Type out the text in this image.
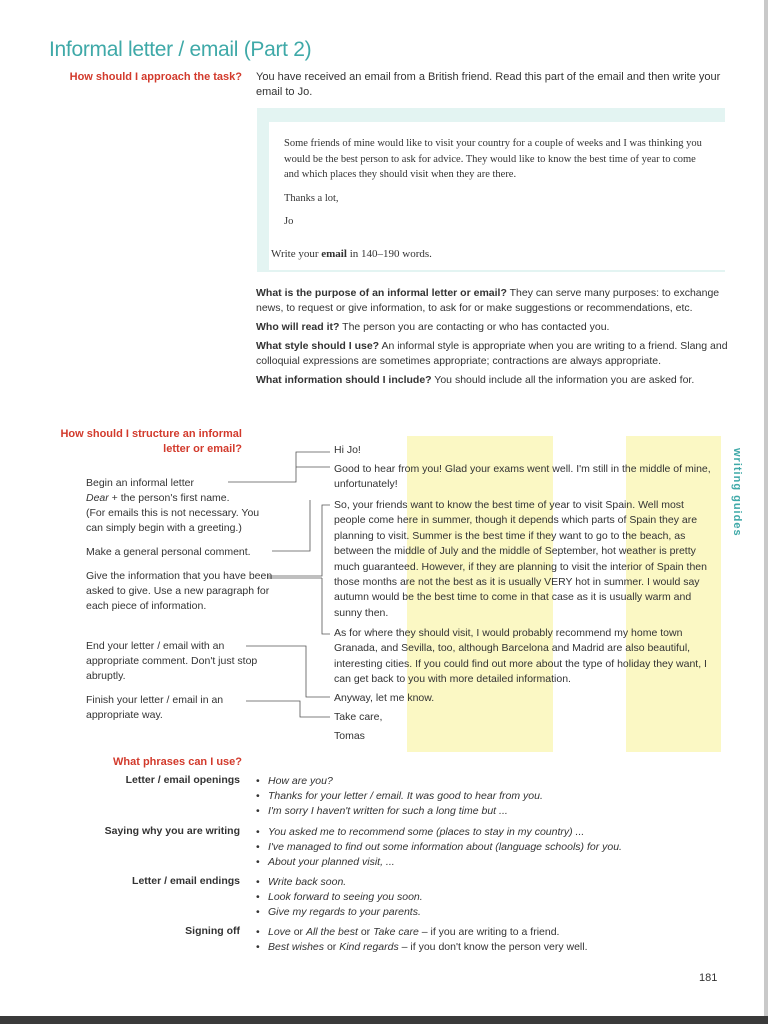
Informal letter / email (Part 2)
How should I approach the task? You have received an email from a British friend. Read this part of the email and then write your email to Jo.

Some friends of mine would like to visit your country for a couple of weeks and I was thinking you would be the best person to ask for advice. They would like to know the best time of year to come and which places they should visit when they are there.

Thanks a lot,

Jo

Write your email in 140–190 words.

What is the purpose of an informal letter or email? They can serve many purposes: to exchange news, to request or give information, to ask for or make suggestions or recommendations, etc.

Who will read it? The person you are contacting or who has contacted you.

What style should I use? An informal style is appropriate when you are writing to a friend. Slang and colloquial expressions are sometimes appropriate; contractions are always appropriate.

What information should I include? You should include all the information you are asked for.

How should I structure an informal letter or email?	writing guides
Begin an informal letter
Dear + the person's first name.
(For emails this is not necessary. You can simply begin with a greeting.)
Make a general personal comment.
Give the information that you have been asked to give. Use a new paragraph for each piece of information.
End your letter / email with an appropriate comment. Don't just stop abruptly.
Finish your letter / email in an appropriate way.
Hi Jo!
Good to hear from you! Glad your exams went well. I'm still in the middle of mine, unfortunately!
So, your friends want to know the best time of year to visit Spain. Well most people come here in summer, though it depends which parts of Spain they are planning to visit. Summer is the best time if they want to go to the beach, as between the middle of July and the middle of September, hot weather is pretty much guaranteed. However, if they are planning to visit the interior of Spain then those months are not the best as it is usually VERY hot in summer. I would say autumn would be the best time to come in that case as it is usually warm and sunny then.
As for where they should visit, I would probably recommend my home town Granada, and Sevilla, too, although Barcelona and Madrid are also beautiful, interesting cities. If you could find out more about the type of holiday they want, I can get back to you with more detailed information.
Anyway, let me know.
Take care,
Tomas
What phrases can I use?
Letter / email openings	• How are you?
• Thanks for your letter / email. It was good to hear from you.
• I'm sorry I haven't written for such a long time but ...
Saying why you are writing	• You asked me to recommend some (places to stay in my country) ...
• I've managed to find out some information about (language schools) for you.
• About your planned visit, ...
Letter / email endings	• Write back soon.
• Look forward to seeing you soon.
• Give my regards to your parents.
Signing off	• Love or All the best or Take care – if you are writing to a friend.
• Best wishes or Kind regards – if you don't know the person very well.
181
